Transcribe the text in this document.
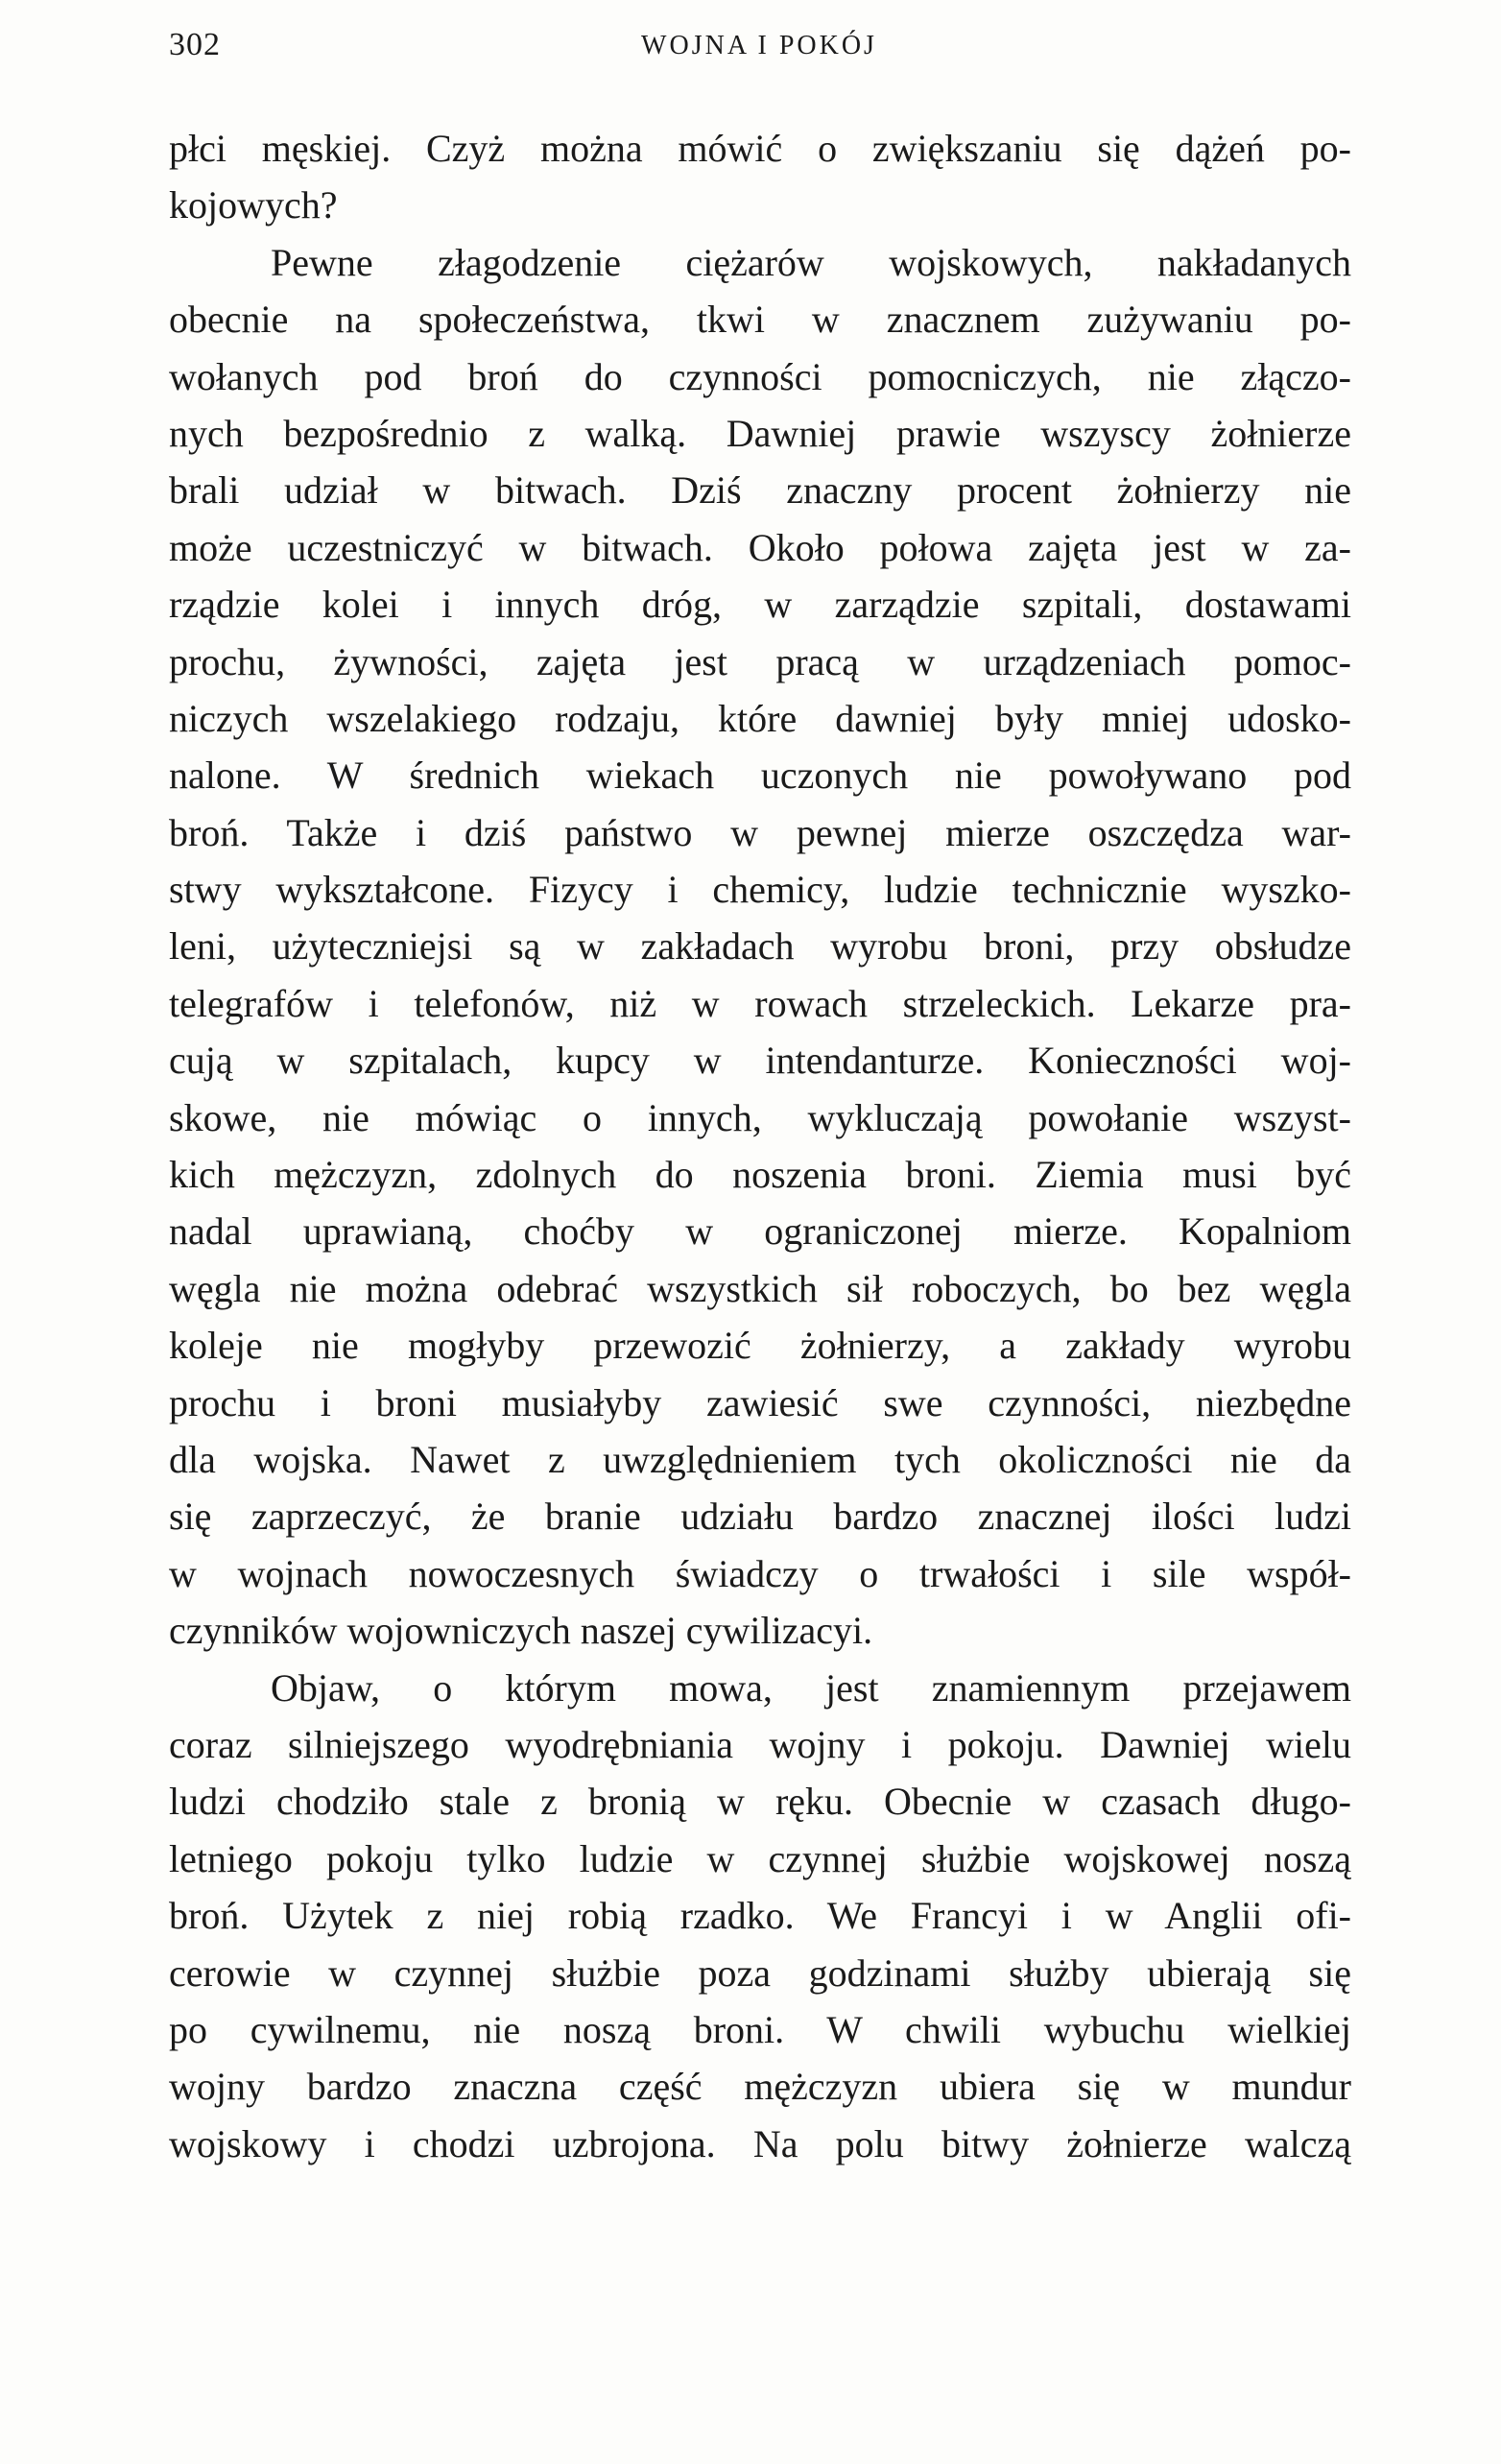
302	WOJNA I POKÓJ
płci męskiej. Czyż można mówić o zwiększaniu się dążeń po-
kojowych?
Pewne złagodzenie ciężarów wojskowych, nakładanych
obecnie na społeczeństwa, tkwi w znacznem zużywaniu po-
wołanych pod broń do czynności pomocniczych, nie złączo-
nych bezpośrednio z walką. Dawniej prawie wszyscy żołnierze
brali udział w bitwach. Dziś znaczny procent żołnierzy nie
może uczestniczyć w bitwach. Około połowa zajęta jest w za-
rządzie kolei i innych dróg, w zarządzie szpitali, dostawami
prochu, żywności, zajęta jest pracą w urządzeniach pomoc-
niczych wszelakiego rodzaju, które dawniej były mniej udosko-
nalone. W średnich wiekach uczonych nie powoływano pod
broń. Także i dziś państwo w pewnej mierze oszczędza war-
stwy wykształcone. Fizycy i chemicy, ludzie technicznie wyszko-
leni, użyteczniejsi są w zakładach wyrobu broni, przy obsłudze
telegrafów i telefonów, niż w rowach strzeleckich. Lekarze pra-
cują w szpitalach, kupcy w intendanturze. Konieczności woj-
skowe, nie mówiąc o innych, wykluczają powołanie wszyst-
kich mężczyzn, zdolnych do noszenia broni. Ziemia musi być
nadal uprawianą, choćby w ograniczonej mierze. Kopalniom
węgla nie można odebrać wszystkich sił roboczych, bo bez węgla
koleje nie mogłyby przewozić żołnierzy, a zakłady wyrobu
prochu i broni musiałyby zawiesić swe czynności, niezbędne
dla wojska. Nawet z uwzględnieniem tych okoliczności nie da
się zaprzeczyć, że branie udziału bardzo znacznej ilości ludzi
w wojnach nowoczesnych świadczy o trwałości i sile współ-
czynników wojowniczych naszej cywilizacyi.
Objaw, o którym mowa, jest znamiennym przejawem
coraz silniejszego wyodrębniania wojny i pokoju. Dawniej wielu
ludzi chodziło stale z bronią w ręku. Obecnie w czasach długo-
letniego pokoju tylko ludzie w czynnej służbie wojskowej noszą
broń. Użytek z niej robią rzadko. We Francyi i w Anglii ofi-
cerowie w czynnej służbie poza godzinami służby ubierają się
po cywilnemu, nie noszą broni. W chwili wybuchu wielkiej
wojny bardzo znaczna część mężczyzn ubiera się w mundur
wojskowy i chodzi uzbrojona. Na polu bitwy żołnierze walczą
